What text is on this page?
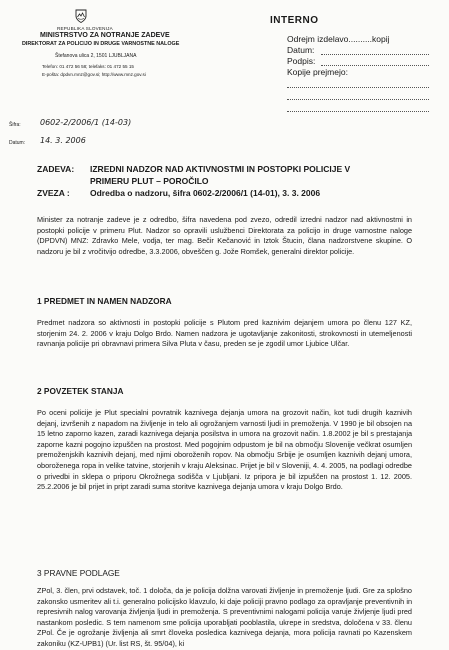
REPUBLIKA SLOVENIJA
MINISTRSTVO ZA NOTRANJE ZADEVE
DIREKTORAT ZA POLICIJO IN DRUGE VARNOSTNE NALOGE
Štefanova ulica 2, 1501 LJUBLJANA
Telefon: 01 472 56 58; telefaks: 01 472 55 15
E-pošta: dpdvn.mnz@gov.si; http://www.mnz.gov.si
INTERNO
Odrejm izdelavo..........kopij
Datum:
Podpis:
Kopije prejmejo:
Šifra: 0602-2/2006/1 (14-03)
Datum: 14. 3. 2006
ZADEVA: IZREDNI NADZOR NAD AKTIVNOSTMI IN POSTOPKI POLICIJE V
PRIMERU PLUT – POROČILO
ZVEZA : Odredba o nadzoru, šifra 0602-2/2006/1 (14-01), 3. 3. 2006
Minister za notranje zadeve je z odredbo, šifra navedena pod zvezo, odredil izredni nadzor nad aktivnostmi in postopki policije v primeru Plut. Nadzor so opravili uslužbenci Direktorata za policijo in druge varnostne naloge (DPDVN) MNZ: Zdravko Mele, vodja, ter mag. Bečir Kečanović in Iztok Štucin, člana nadzorstvene skupine. O nadzoru je bil z vročitvijo odredbe, 3.3.2006, obveščen g. Jože Romšek, generalni direktor policije.
1 PREDMET IN NAMEN NADZORA
Predmet nadzora so aktivnosti in postopki policije s Plutom pred kaznivim dejanjem umora po členu 127 KZ, storjenim 24. 2. 2006 v kraju Dolgo Brdo. Namen nadzora je ugotavljanje zakonitosti, strokovnosti in utemeljenosti ravnanja policije pri obravnavi primera Silva Pluta v času, preden se je zgodil umor Ljubice Ulčar.
2 POVZETEK STANJA
Po oceni policije je Plut specialni povratnik kaznivega dejanja umora na grozovit način, kot tudi drugih kaznivih dejanj, izvršenih z napadom na življenje in telo ali ogrožanjem varnosti ljudi in premoženja. V 1990 je bil obsojen na 15 letno zaporno kazen, zaradi kaznivega dejanja posilstva in umora na grozovit način. 1.8.2002 je bil s prestajanja zaporne kazni pogojno izpuščen na prostost. Med pogojnim odpustom je bil na območju Slovenije večkrat osumljen premoženjskih kaznivih dejanj, med njimi oboroženih ropov. Na območju Srbije je osumljen kaznivih dejanj umora, oboroženega ropa in velike tatvine, storjenih v kraju Aleksinac. Prijet je bil v Sloveniji, 4. 4. 2005, na podlagi odredbe o privedbi in sklepa o priporu Okrožnega sodišča v Ljubljani. Iz pripora je bil izpuščen na prostost 1. 12. 2005. 25.2.2006 je bil prijet in pript zaradi suma storitve kaznivega dejanja umora v kraju Dolgo Brdo.
3 PRAVNE PODLAGE
ZPol, 3. člen, prvi odstavek, toč. 1 določa, da je policija dolžna varovati življenje in premoženje ljudi. Gre za splošno zakonsko usmeritev ali t.i. generalno policijsko klavzulo, ki daje policiji pravno podlago za opravljanje preventivnih in represivnih nalog varovanja življenja ljudi in premoženja. S preventivnimi nalogami policija varuje življenje ljudi pred nastankom posledic. S tem namenom sme policija uporabljati pooblastila, ukrepe in sredstva, določena v 33. členu ZPol. Če je ogrožanje življenja ali smrt človeka posledica kaznivega dejanja, mora policija ravnati po Kazenskem zakoniku (KZ-UPB1) (Ur. list RS, št. 95/04), ki
